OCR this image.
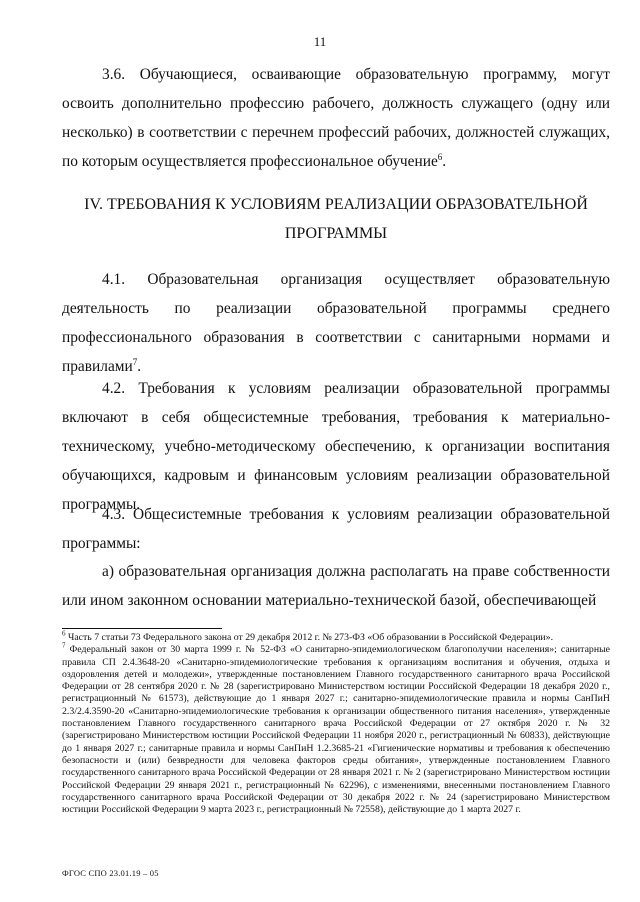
11

3.6. Обучающиеся, осваивающие образовательную программу, могут освоить дополнительно профессию рабочего, должность служащего (одну или несколько) в соответствии с перечнем профессий рабочих, должностей служащих, по которым осуществляется профессиональное обучение$^6$.

IV. ТРЕБОВАНИЯ К УСЛОВИЯМ РЕАЛИЗАЦИИ ОБРАЗОВАТЕЛЬНОЙ ПРОГРАММЫ

4.1. Образовательная организация осуществляет образовательную деятельность по реализации образовательной программы среднего профессионального образования в соответствии с санитарными нормами и правилами$^7$.

4.2. Требования к условиям реализации образовательной программы включают в себя общесистемные требования, требования к материально-техническому, учебно-методическому обеспечению, к организации воспитания обучающихся, кадровым и финансовым условиям реализации образовательной программы.

4.3. Общесистемные требования к условиям реализации образовательной программы:

а) образовательная организация должна располагать на праве собственности или ином законном основании материально-технической базой, обеспечивающей

$^6$ Часть 7 статьи 73 Федерального закона от 29 декабря 2012 г. № 273-ФЗ «Об образовании в Российской Федерации».

$^7$ Федеральный закон от 30 марта 1999 г. № 52-ФЗ «О санитарно-эпидемиологическом благополучии населения»; санитарные правила СП 2.4.3648-20 «Санитарно-эпидемиологические требования к организациям воспитания и обучения, отдыха и оздоровления детей и молодежи», утвержденные постановлением Главного государственного санитарного врача Российской Федерации от 28 сентября 2020 г. № 28 (зарегистрировано Министерством юстиции Российской Федерации 18 декабря 2020 г., регистрационный № 61573), действующие до 1 января 2027 г.; санитарно-эпидемиологические правила и нормы СанПиН 2.3/2.4.3590-20 «Санитарно-эпидемиологические требования к организации общественного питания населения», утвержденные постановлением Главного государственного санитарного врача Российской Федерации от 27 октября 2020 г. № 32 (зарегистрировано Министерством юстиции Российской Федерации 11 ноября 2020 г., регистрационный № 60833), действующие до 1 января 2027 г.; санитарные правила и нормы СанПиН 1.2.3685-21 «Гигиенические нормативы и требования к обеспечению безопасности и (или) безвредности для человека факторов среды обитания», утвержденные постановлением Главного государственного санитарного врача Российской Федерации от 28 января 2021 г. № 2 (зарегистрировано Министерством юстиции Российской Федерации 29 января 2021 г., регистрационный № 62296), с изменениями, внесенными постановлением Главного государственного санитарного врача Российской Федерации от 30 декабря 2022 г. № 24 (зарегистрировано Министерством юстиции Российской Федерации 9 марта 2023 г., регистрационный № 72558), действующие до 1 марта 2027 г.

ФГОС СПО 23.01.19 – 05
